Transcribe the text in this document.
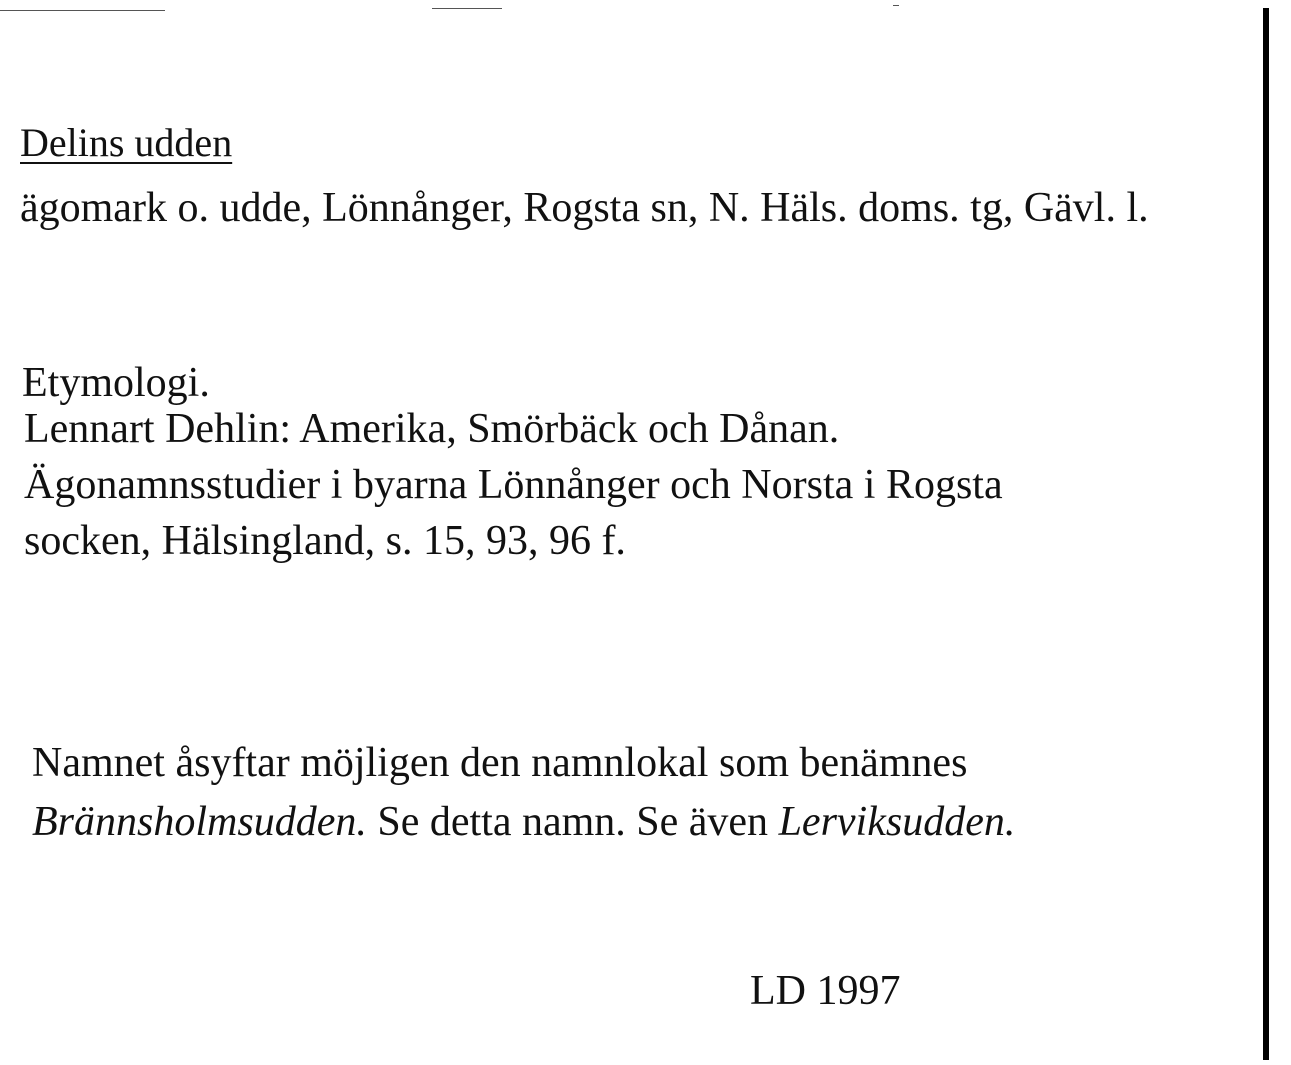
Delins udden

ägomark o. udde, Lönnånger, Rogsta sn, N. Häls. doms. tg, Gävl. l.

Etymologi.

Lennart Dehlin: Amerika, Smörbäck och Dånan.
Ägonamnsstudier i byarna Lönnånger och Norsta i Rogsta
socken, Hälsingland, s. 15, 93, 96 f.
Namnet åsyftar möjligen den namnlokal som benämnes
Brännsholmsudden. Se detta namn. Se även Lerviksudden.

LD 1997
